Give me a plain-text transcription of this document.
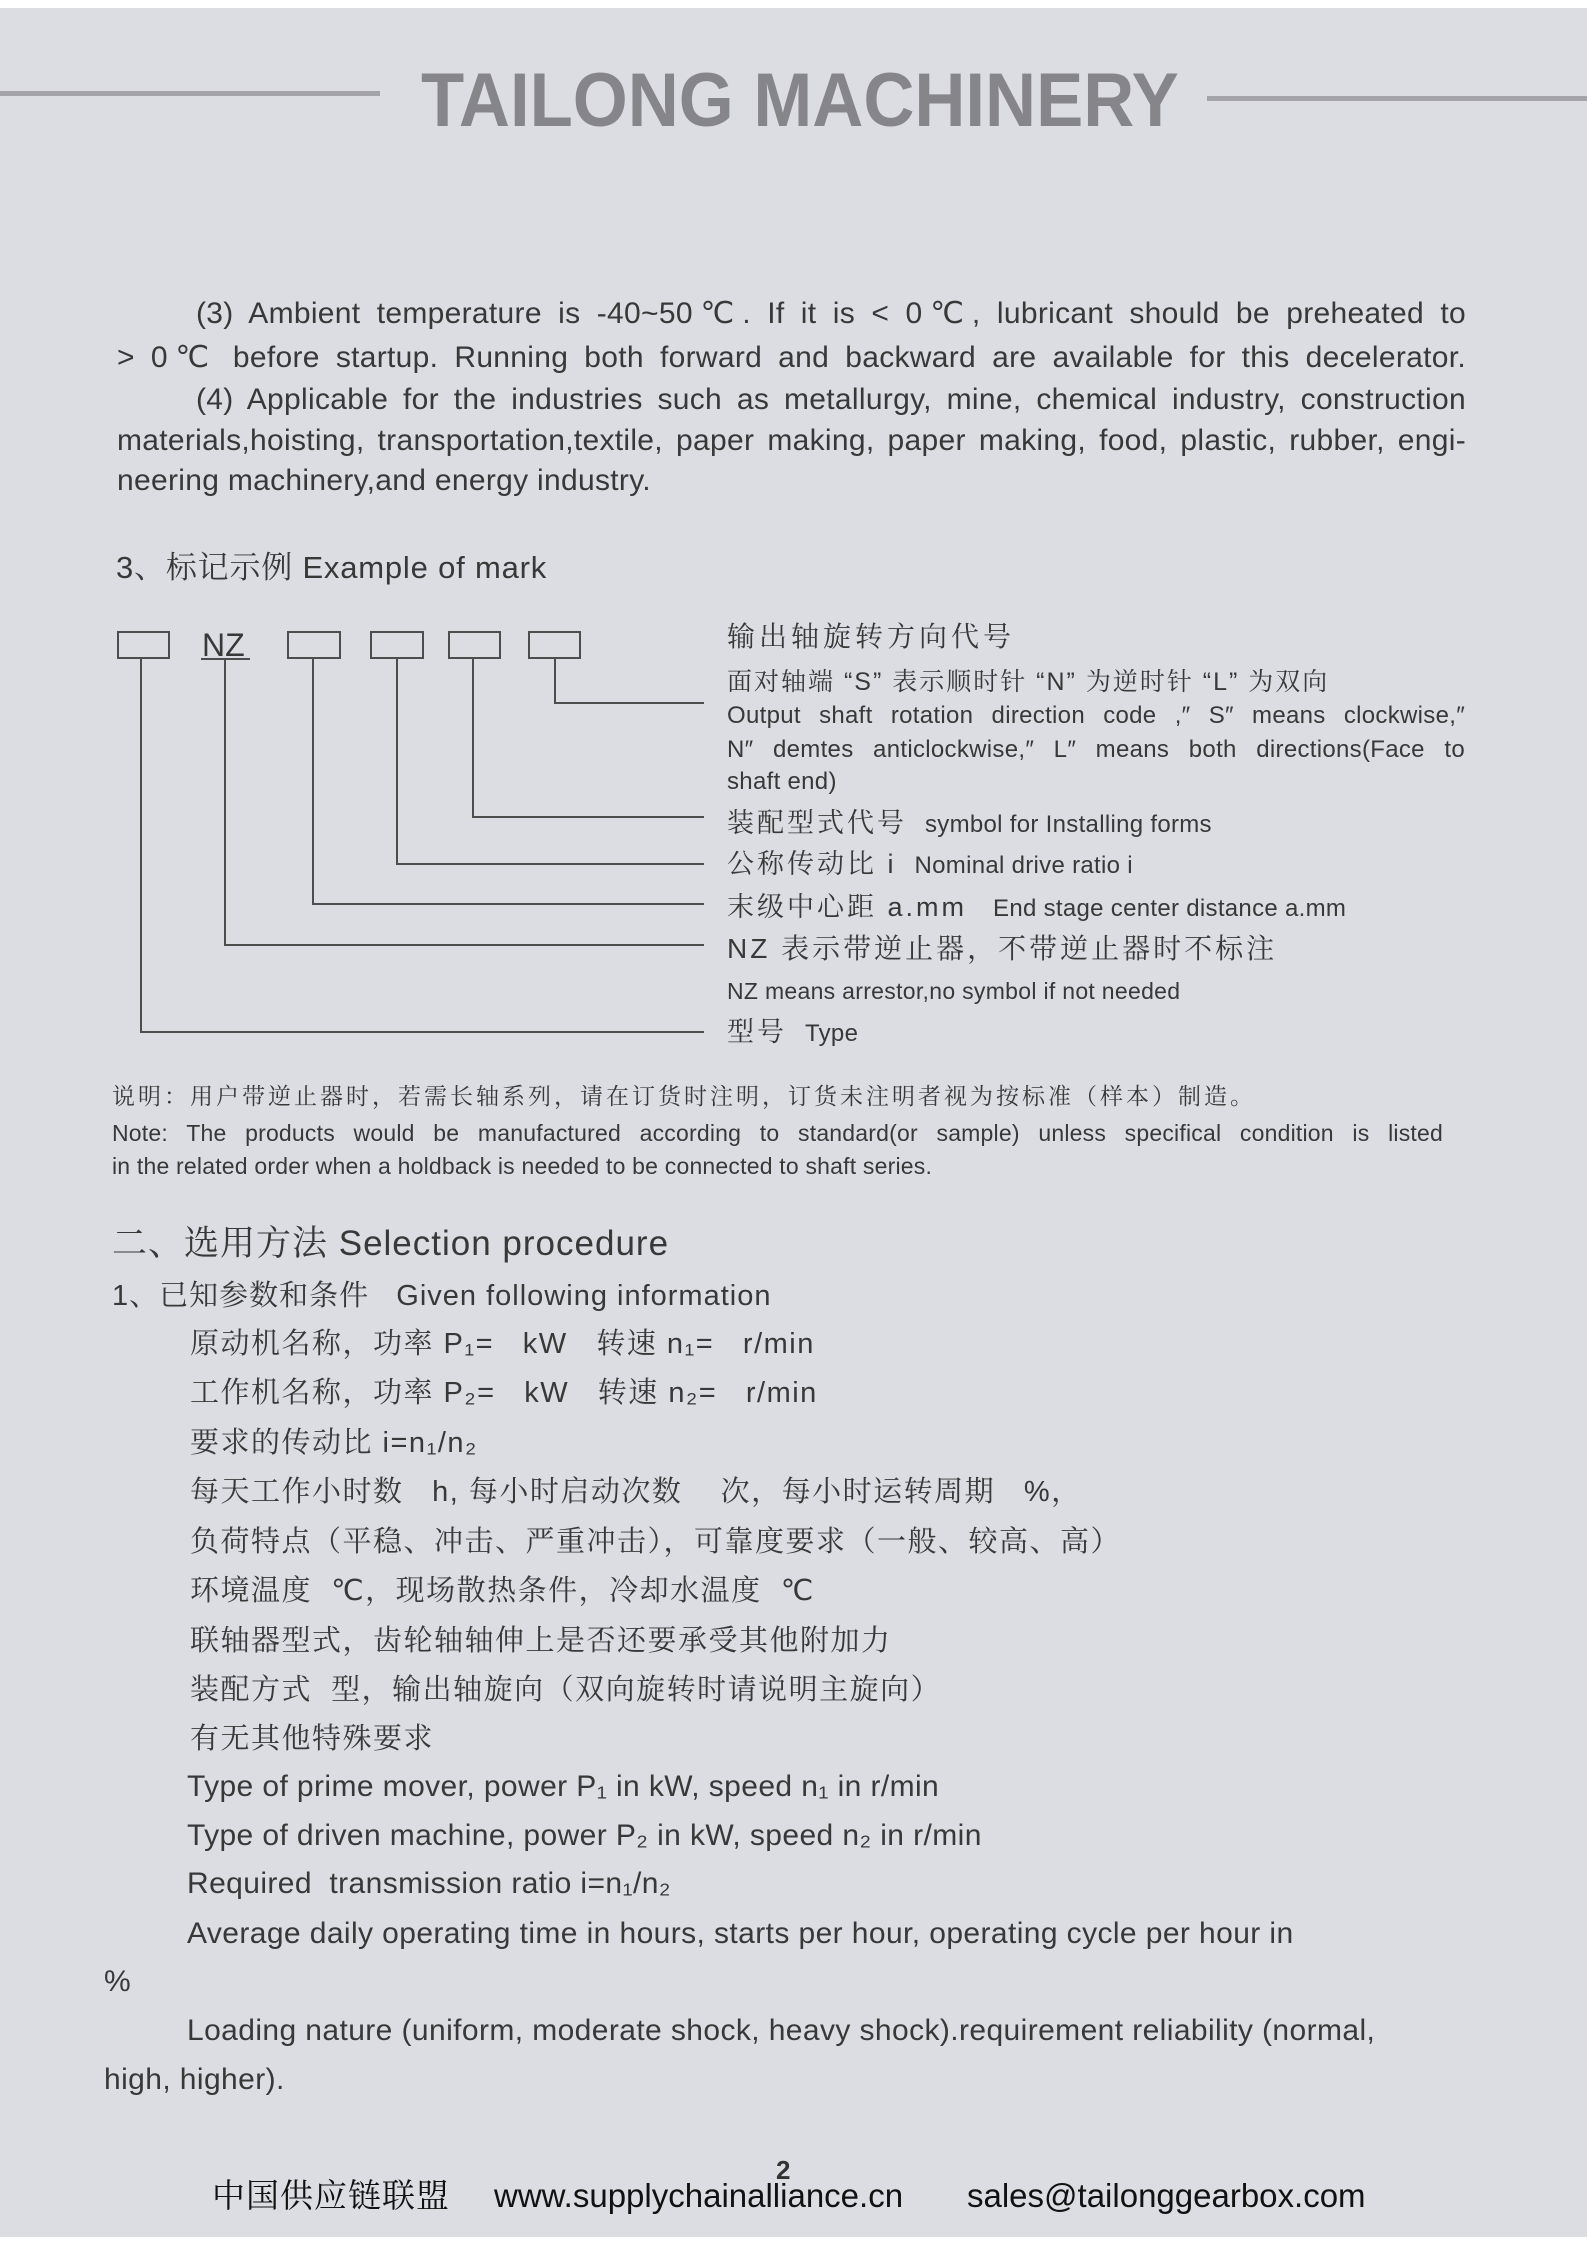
TAILONG MACHINERY
(3) Ambient temperature is -40~50℃. If it is < 0℃, lubricant should be preheated to
> 0℃ before startup. Running both forward and backward are available for this decelerator.
(4) Applicable for the industries such as metallurgy, mine, chemical industry, construction
materials,hoisting, transportation,textile, paper making, paper making, food, plastic, rubber, engi-
neering machinery,and energy industry.
3、标记示例 Example of mark
NZ	输出轴旋转方向代号
面对轴端 “S” 表示顺时针 “N” 为逆时针 “L” 为双向
Output shaft rotation direction code ,″ S″ means clockwise,″
N″ demtes anticlockwise,″ L″ means both directions(Face to
shaft end)
装配型式代号 symbol for Installing forms
公称传动比 i Nominal drive ratio i
末级中心距 a.mm End stage center distance a.mm
NZ 表示带逆止器，不带逆止器时不标注
NZ means arrestor,no symbol if not needed
型号 Type
说明：用户带逆止器时，若需长轴系列，请在订货时注明，订货未注明者视为按标准（样本）制造。
Note: The products would be manufactured according to standard(or sample) unless specifical condition is listed
in the related order when a holdback is needed to be connected to shaft series.
二、选用方法 Selection procedure
1、已知参数和条件   Given following information
原动机名称，功率 P₁=   kW   转速 n₁=   r/min
工作机名称，功率 P₂=   kW   转速 n₂=   r/min
要求的传动比 i=n₁/n₂
每天工作小时数   h, 每小时启动次数    次，每小时运转周期   %，
负荷特点（平稳、冲击、严重冲击），可靠度要求（一般、较高、高）
环境温度  ℃，现场散热条件，冷却水温度  ℃
联轴器型式，齿轮轴轴伸上是否还要承受其他附加力
装配方式  型，输出轴旋向（双向旋转时请说明主旋向）
有无其他特殊要求
Type of prime mover, power P₁ in kW, speed n₁ in r/min
Type of driven machine, power P₂ in kW, speed n₂ in r/min
Required  transmission ratio i=n₁/n₂
Average daily operating time in hours, starts per hour, operating cycle per hour in
%
Loading nature (uniform, moderate shock, heavy shock).requirement reliability (normal,
high, higher).
2
中国供应链联盟 www.supplychainalliance.cn sales@tailonggearbox.com
